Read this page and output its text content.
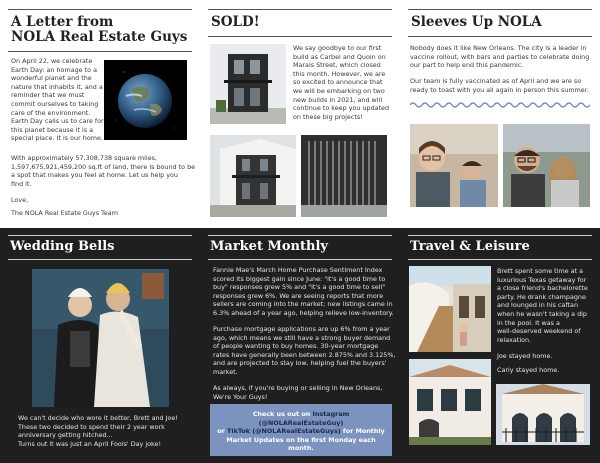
A Letter from
NOLA Real Estate Guys
On April 22, we celebrate
Earth Day: an homage to a
wonderful planet and the
nature that inhabits it, and a
reminder that we must
commit ourselves to taking
care of the environment.
Earth Day calls us to care for
this planet because it is a
special place. It is our home.
With approximately 57,308,738 square miles,
1,597,675,921,459,200 sq.ft of land, there is bound to be
a spot that makes you feel at home. Let us help you
find it.
Love,
The NOLA Real Estate Guys Team
SOLD!
We say goodbye to our first
build as Carbel and Quoin on
Marais Street, which closed
this month. However, we are
so excited to announce that
we will be embarking on two
new builds in 2021, and will
continue to keep you updated
on these big projects!
Sleeves Up NOLA
Nobody does it like New Orleans. The city is a leader in
vaccine rollout, with bars and parties to celebrate doing
our part to help end this pandemic.
Our team is fully vaccinated as of April and we are so
ready to toast with you all again in person this summer.
Wedding Bells
We can't decide who wore it better, Brett and Joe!
These two decided to spend their 2 year work
anniversary getting hitched...
Turns out it was just an April Fools' Day joke!
Market Monthly
Fannie Mae's March Home Purchase Sentiment Index
scored its biggest gain since June: "it's a good time to
buy" responses grew 5% and "it's a good time to sell"
responses grew 6%. We are seeing reports that more
sellers are coming into the market; new listings came in
6.3% ahead of a year ago, helping relieve low-inventory.
Purchase mortgage applications are up 6% from a year
ago, which means we still have a strong buyer demand
of people wanting to buy homes. 30-year mortgage
rates have generally been between 2.875% and 3.125%,
and are projected to stay low, helping fuel the buyers'
market.
As always, if you're buying or selling in New Orleans,
We're Your Guys!
Travel & Leisure
Brett spent some time at a
luxurious Texas getaway for
a close friend's bachelorette
party. He drank champagne
and lounged in his caftan
when he wasn't taking a dip
in the pool. It was a
well-deserved weekend of
relaxation.
Joe stayed home.
Carly stayed home.
Check us out on Instagram (@NOLARealEstateGuy)
or TikTok (@NOLARealEstateGuys) for Monthly
Market Updates on the first Monday each month.
